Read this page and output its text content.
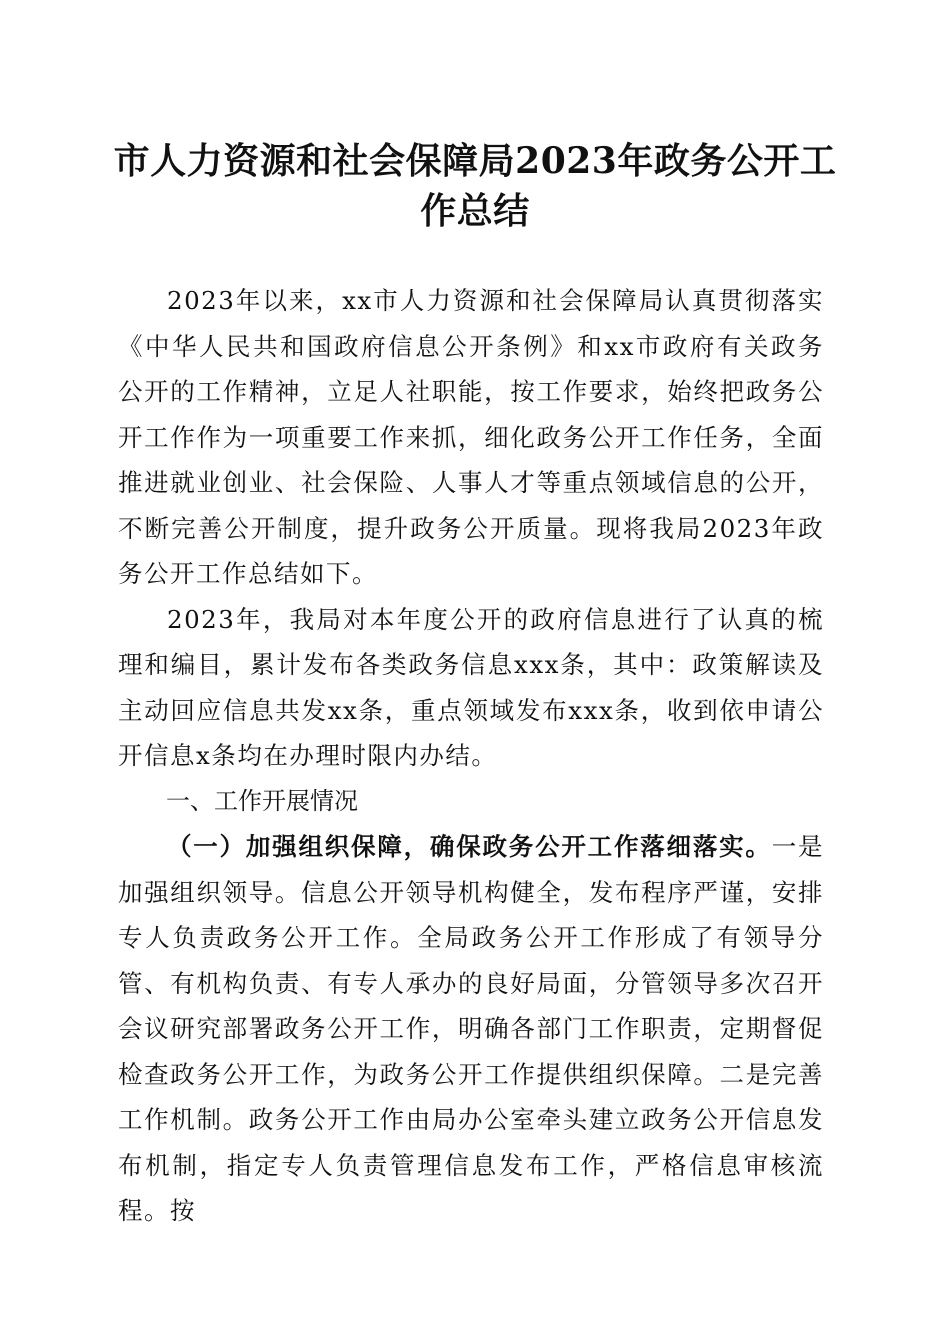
市人力资源和社会保障局2023年政务公开工作总结

2023年以来，xx市人力资源和社会保障局认真贯彻落实《中华人民共和国政府信息公开条例》和xx市政府有关政务公开的工作精神，立足人社职能，按工作要求，始终把政务公开工作作为一项重要工作来抓，细化政务公开工作任务，全面推进就业创业、社会保险、人事人才等重点领域信息的公开，不断完善公开制度，提升政务公开质量。现将我局2023年政务公开工作总结如下。

2023年，我局对本年度公开的政府信息进行了认真的梳理和编目，累计发布各类政务信息xxx条，其中：政策解读及主动回应信息共发xx条，重点领域发布xxx条，收到依申请公开信息x条均在办理时限内办结。

一、工作开展情况

（一）加强组织保障，确保政务公开工作落细落实。一是加强组织领导。信息公开领导机构健全，发布程序严谨，安排专人负责政务公开工作。全局政务公开工作形成了有领导分管、有机构负责、有专人承办的良好局面，分管领导多次召开会议研究部署政务公开工作，明确各部门工作职责，定期督促检查政务公开工作，为政务公开工作提供组织保障。二是完善工作机制。政务公开工作由局办公室牵头建立政务公开信息发布机制，指定专人负责管理信息发布工作，严格信息审核流程。按
